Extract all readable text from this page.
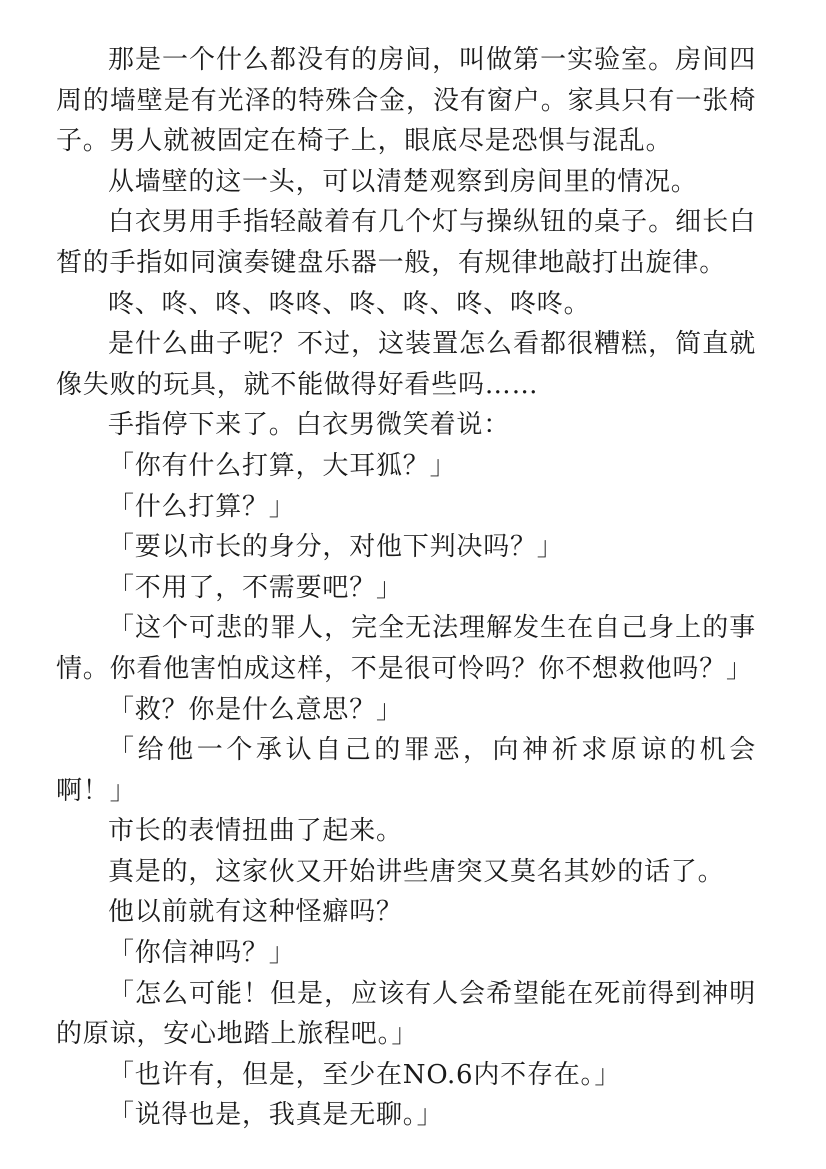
那是一个什么都没有的房间，叫做第一实验室。房间四周的墙壁是有光泽的特殊合金，没有窗户。家具只有一张椅子。男人就被固定在椅子上，眼底尽是恐惧与混乱。

从墙壁的这一头，可以清楚观察到房间里的情况。

白衣男用手指轻敲着有几个灯与操纵钮的桌子。细长白皙的手指如同演奏键盘乐器一般，有规律地敲打出旋律。

咚、咚、咚、咚咚、咚、咚、咚、咚咚。

是什么曲子呢？不过，这装置怎么看都很糟糕，简直就像失败的玩具，就不能做得好看些吗……

手指停下来了。白衣男微笑着说：

「你有什么打算，大耳狐？」

「什么打算？」

「要以市长的身分，对他下判决吗？」

「不用了，不需要吧？」

「这个可悲的罪人，完全无法理解发生在自己身上的事情。你看他害怕成这样，不是很可怜吗？你不想救他吗？」

「救？你是什么意思？」

「给他一个承认自己的罪恶，向神祈求原谅的机会啊！」

市长的表情扭曲了起来。

真是的，这家伙又开始讲些唐突又莫名其妙的话了。

他以前就有这种怪癖吗？

「你信神吗？」

「怎么可能！但是，应该有人会希望能在死前得到神明的原谅，安心地踏上旅程吧。」

「也许有，但是，至少在NO.6内不存在。」

「说得也是，我真是无聊。」
